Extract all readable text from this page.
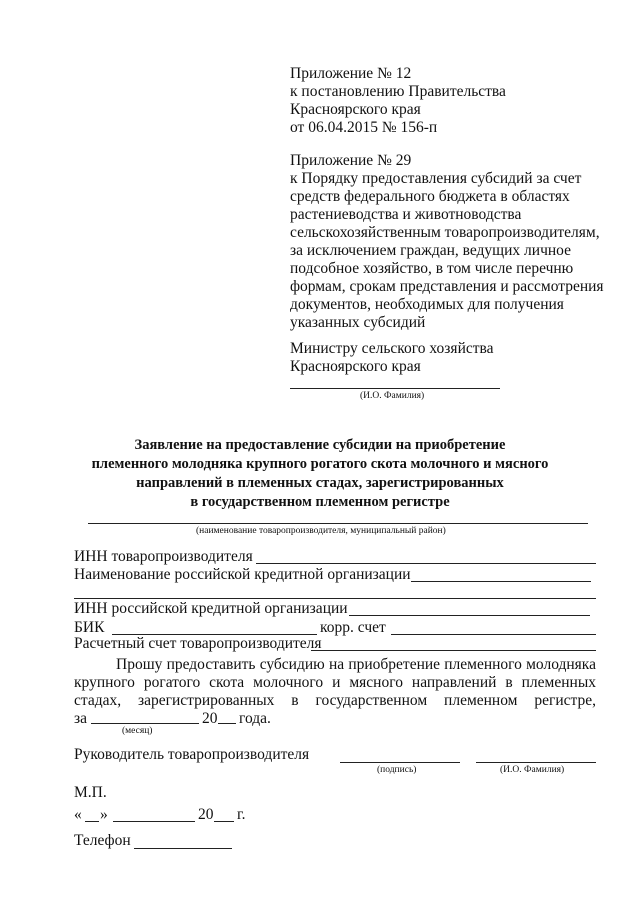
Приложение № 12
к постановлению Правительства
Красноярского края
от 06.04.2015 № 156-п
Приложение № 29
к Порядку предоставления субсидий за счет
средств федерального бюджета в областях
растениеводства и животноводства
сельскохозяйственным товаропроизводителям,
за исключением граждан, ведущих личное
подсобное хозяйство, в том числе перечню
формам, срокам представления и рассмотрения
документов, необходимых для получения
указанных субсидий
Министру сельского хозяйства
Красноярского края
(И.О. Фамилия)
Заявление на предоставление субсидии на приобретение
племенного молодняка крупного рогатого скота молочного и мясного
направлений в племенных стадах, зарегистрированных
в государственном племенном регистре
(наименование товаропроизводителя, муниципальный район)
ИНН товаропроизводителя
Наименование российской кредитной организации
ИНН российской кредитной организации
БИК	корр. счет
Расчетный счет товаропроизводителя
Прошу предоставить субсидию на приобретение племенного молодняка
крупного рогатого скота молочного и мясного направлений в племенных
стадах, зарегистрированных в государственном племенном регистре,
за	20 года.
(месяц)
Руководитель товаропроизводителя
(подпись)	(И.О. Фамилия)
М.П.
« »	20 г.
Телефон
